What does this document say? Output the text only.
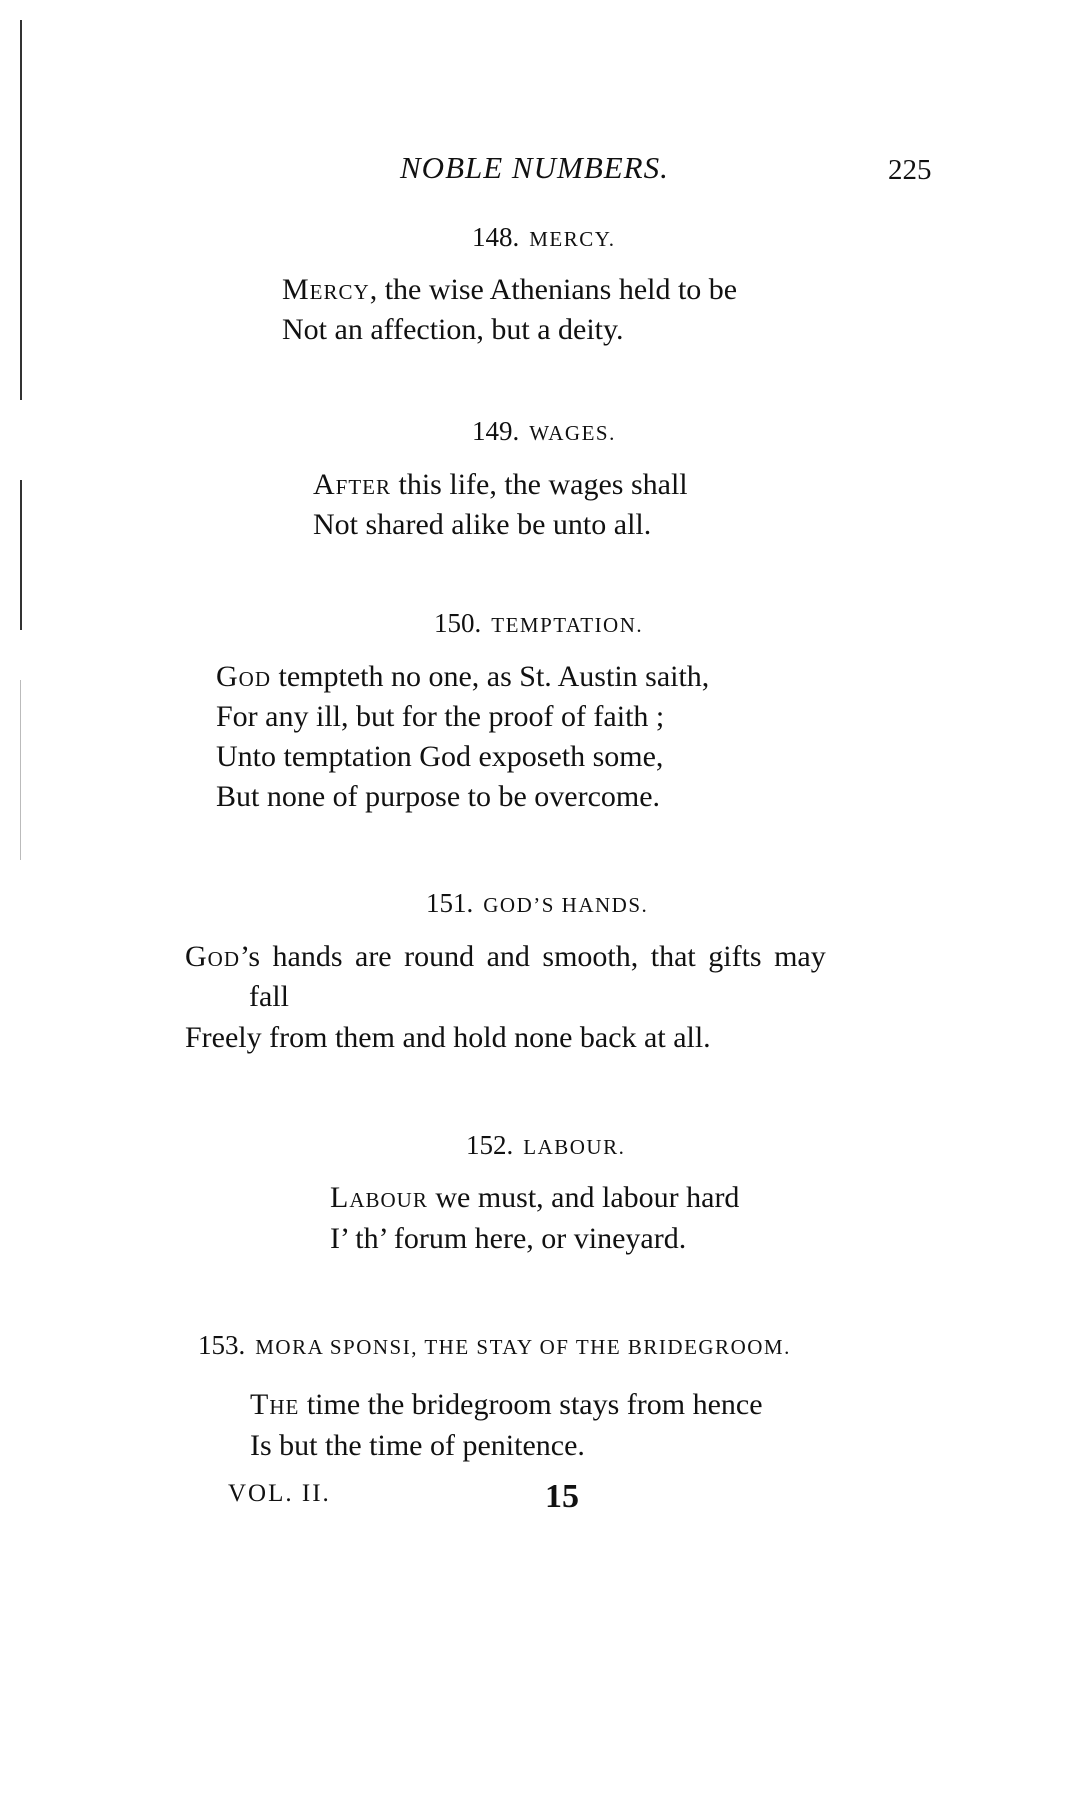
NOBLE NUMBERS.	225
148. MERCY.
Mercy, the wise Athenians held to be
Not an affection, but a deity.
149. WAGES.
After this life, the wages shall
Not shared alike be unto all.
150. TEMPTATION.
God tempteth no one, as St. Austin saith,
For any ill, but for the proof of faith ;
Unto temptation God exposeth some,
But none of purpose to be overcome.
151. GOD’S HANDS.
God’s hands are round and smooth, that gifts may
fall
Freely from them and hold none back at all.
152. LABOUR.
Labour we must, and labour hard
I’ th’ forum here, or vineyard.
153. MORA SPONSI, THE STAY OF THE BRIDEGROOM.
The time the bridegroom stays from hence
Is but the time of penitence.
VOL. II.	15
